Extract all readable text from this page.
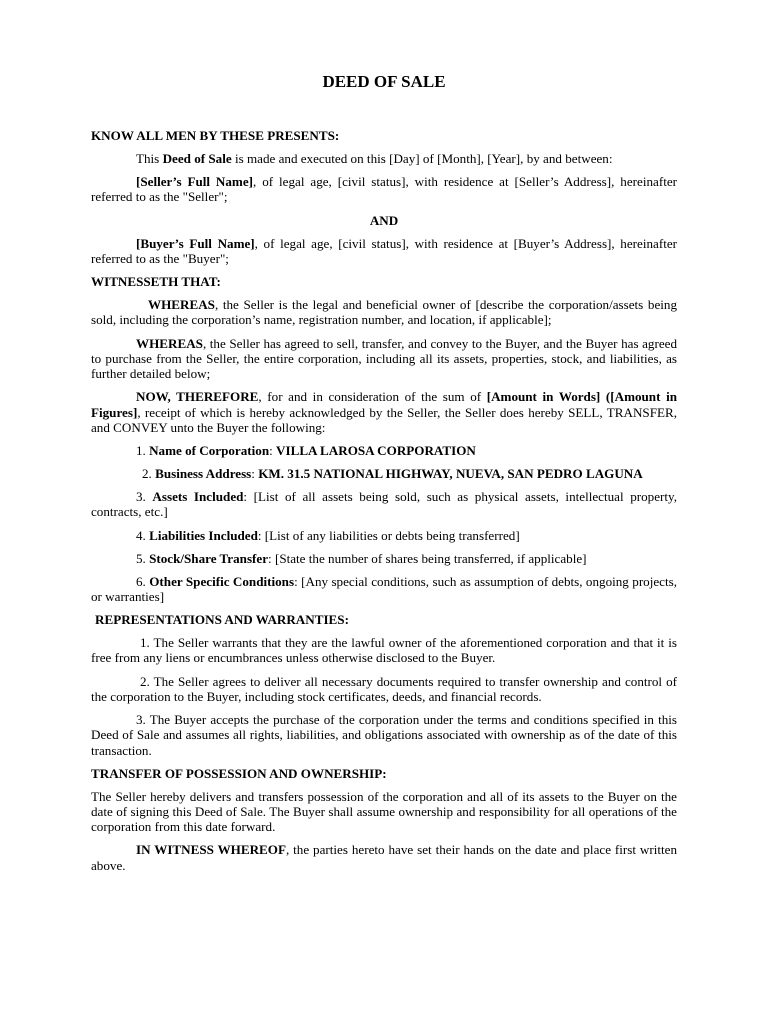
DEED OF SALE

KNOW ALL MEN BY THESE PRESENTS:

This Deed of Sale is made and executed on this [Day] of [Month], [Year], by and between:

[Seller’s Full Name], of legal age, [civil status], with residence at [Seller’s Address], hereinafter referred to as the "Seller";

AND

[Buyer’s Full Name], of legal age, [civil status], with residence at [Buyer’s Address], hereinafter referred to as the "Buyer";

WITNESSETH THAT:

WHEREAS, the Seller is the legal and beneficial owner of [describe the corporation/assets being sold, including the corporation’s name, registration number, and location, if applicable];

WHEREAS, the Seller has agreed to sell, transfer, and convey to the Buyer, and the Buyer has agreed to purchase from the Seller, the entire corporation, including all its assets, properties, stock, and liabilities, as further detailed below;

NOW, THEREFORE, for and in consideration of the sum of [Amount in Words] ([Amount in Figures], receipt of which is hereby acknowledged by the Seller, the Seller does hereby SELL, TRANSFER, and CONVEY unto the Buyer the following:

1. Name of Corporation: VILLA LAROSA CORPORATION

2. Business Address: KM. 31.5 NATIONAL HIGHWAY, NUEVA, SAN PEDRO LAGUNA

3. Assets Included: [List of all assets being sold, such as physical assets, intellectual property, contracts, etc.]

4. Liabilities Included: [List of any liabilities or debts being transferred]

5. Stock/Share Transfer: [State the number of shares being transferred, if applicable]

6. Other Specific Conditions: [Any special conditions, such as assumption of debts, ongoing projects, or warranties]

REPRESENTATIONS AND WARRANTIES:

1. The Seller warrants that they are the lawful owner of the aforementioned corporation and that it is free from any liens or encumbrances unless otherwise disclosed to the Buyer.

2. The Seller agrees to deliver all necessary documents required to transfer ownership and control of the corporation to the Buyer, including stock certificates, deeds, and financial records.

3. The Buyer accepts the purchase of the corporation under the terms and conditions specified in this Deed of Sale and assumes all rights, liabilities, and obligations associated with ownership as of the date of this transaction.

TRANSFER OF POSSESSION AND OWNERSHIP:

The Seller hereby delivers and transfers possession of the corporation and all of its assets to the Buyer on the date of signing this Deed of Sale. The Buyer shall assume ownership and responsibility for all operations of the corporation from this date forward.

IN WITNESS WHEREOF, the parties hereto have set their hands on the date and place first written above.
